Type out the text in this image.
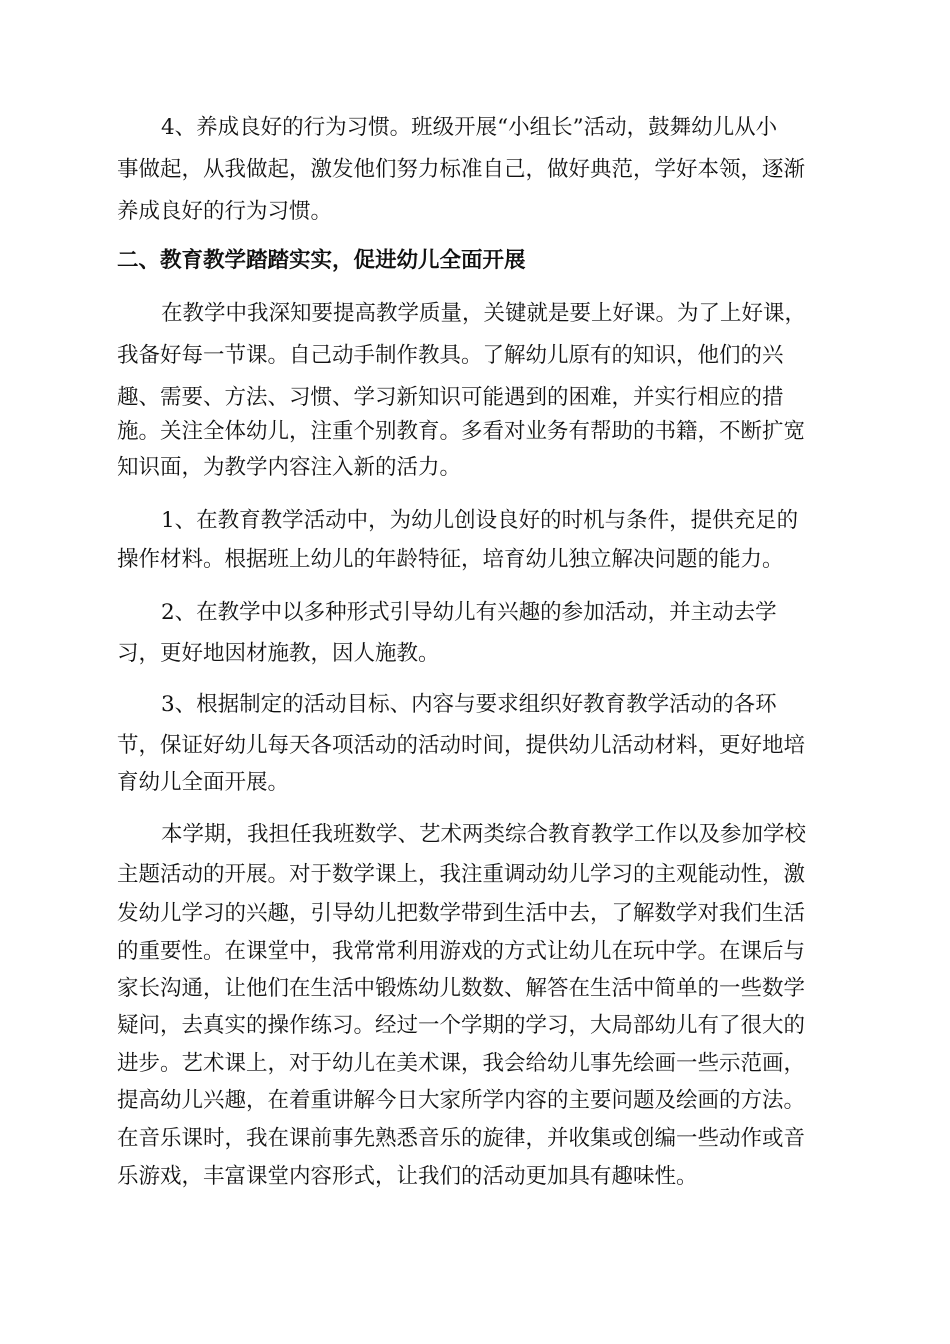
4、养成良好的行为习惯。班级开展“小组长”活动，鼓舞幼儿从小
事做起，从我做起，激发他们努力标准自己，做好典范，学好本领，逐渐
养成良好的行为习惯。
二、教育教学踏踏实实，促进幼儿全面开展
在教学中我深知要提高教学质量，关键就是要上好课。为了上好课，
我备好每一节课。自己动手制作教具。了解幼儿原有的知识，他们的兴
趣、需要、方法、习惯、学习新知识可能遇到的困难，并实行相应的措
施。关注全体幼儿，注重个别教育。多看对业务有帮助的书籍，不断扩宽
知识面，为教学内容注入新的活力。
1、在教育教学活动中，为幼儿创设良好的时机与条件，提供充足的
操作材料。根据班上幼儿的年龄特征，培育幼儿独立解决问题的能力。
2、在教学中以多种形式引导幼儿有兴趣的参加活动，并主动去学
习，更好地因材施教，因人施教。
3、根据制定的活动目标、内容与要求组织好教育教学活动的各环
节，保证好幼儿每天各项活动的活动时间，提供幼儿活动材料，更好地培
育幼儿全面开展。
本学期，我担任我班数学、艺术两类综合教育教学工作以及参加学校
主题活动的开展。对于数学课上，我注重调动幼儿学习的主观能动性，激
发幼儿学习的兴趣，引导幼儿把数学带到生活中去，了解数学对我们生活
的重要性。在课堂中，我常常利用游戏的方式让幼儿在玩中学。在课后与
家长沟通，让他们在生活中锻炼幼儿数数、解答在生活中简单的一些数学
疑问，去真实的操作练习。经过一个学期的学习，大局部幼儿有了很大的
进步。艺术课上，对于幼儿在美术课，我会给幼儿事先绘画一些示范画，
提高幼儿兴趣，在着重讲解今日大家所学内容的主要问题及绘画的方法。
在音乐课时，我在课前事先熟悉音乐的旋律，并收集或创编一些动作或音
乐游戏，丰富课堂内容形式，让我们的活动更加具有趣味性。
